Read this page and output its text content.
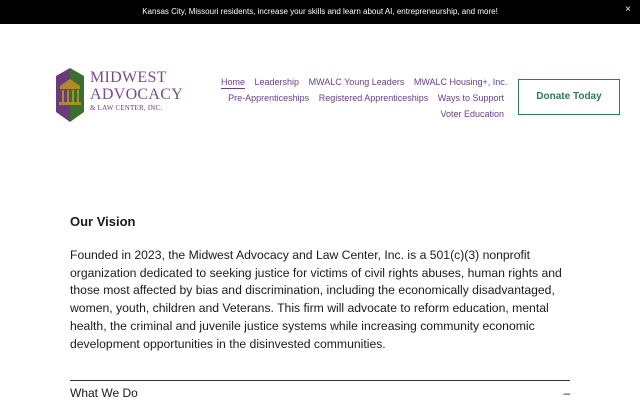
Kansas City, Missouri residents, increase your skills and learn about AI, entrepreneurship, and more!	×
MIDWEST
ADVOCACY
& LAW CENTER, INC.
Home Leadership MWALC Young Leaders MWALC Housing+, Inc.
Pre-Apprenticeships Registered Apprenticeships Ways to Support
Voter Education
Donate Today
Our Vision

Founded in 2023, the Midwest Advocacy and Law Center, Inc. is a 501(c)(3) nonprofit organization dedicated to seeking justice for victims of civil rights abuses, human rights and those most affected by bias and discrimination, including the economically disadvantaged, women, youth, children and Veterans. This firm will advocate to reform education, mental health, the criminal and juvenile justice systems while increasing community economic development opportunities in the disinvested communities.

What We Do	–
